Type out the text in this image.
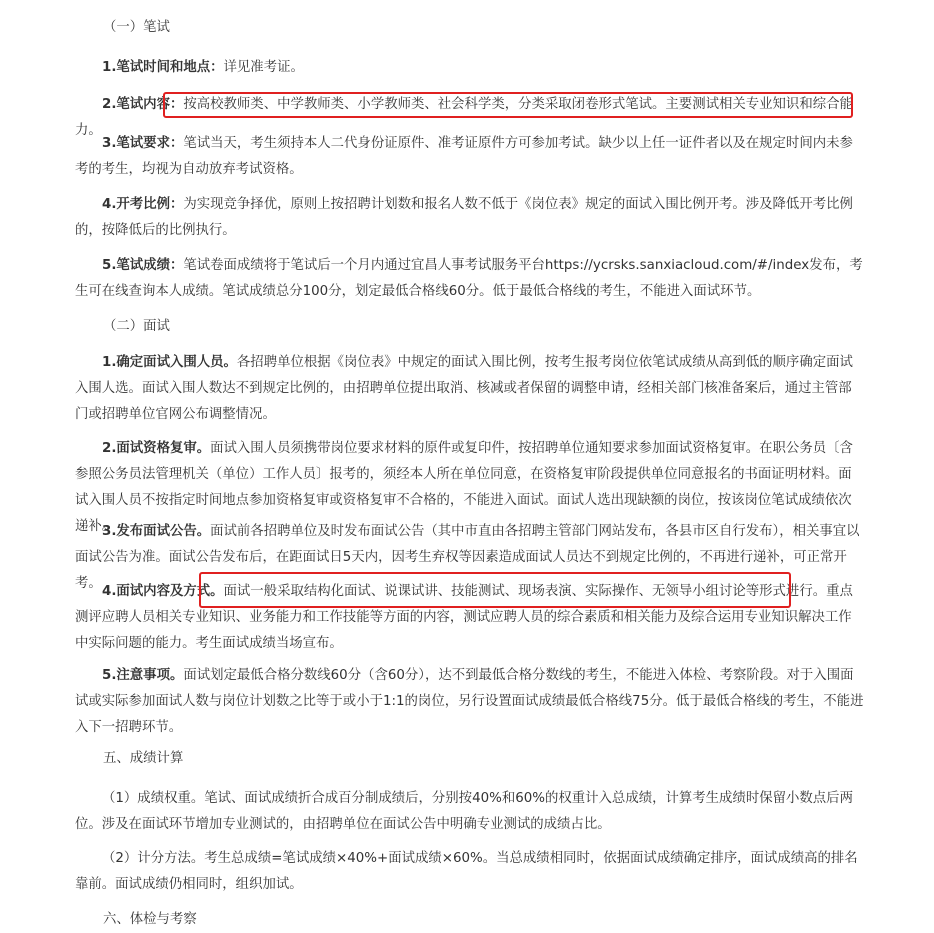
（一）笔试
1.笔试时间和地点：详见准考证。
2.笔试内容：按高校教师类、中学教师类、小学教师类、社会科学类，分类采取闭卷形式笔试。主要测试相关专业知识和综合能力。
3.笔试要求：笔试当天，考生须持本人二代身份证原件、准考证原件方可参加考试。缺少以上任一证件者以及在规定时间内未参考的考生，均视为自动放弃考试资格。
4.开考比例：为实现竞争择优，原则上按招聘计划数和报名人数不低于《岗位表》规定的面试入围比例开考。涉及降低开考比例的，按降低后的比例执行。
5.笔试成绩：笔试卷面成绩将于笔试后一个月内通过宜昌人事考试服务平台https://ycrsks.sanxiacloud.com/#/index发布，考生可在线查询本人成绩。笔试成绩总分100分，划定最低合格线60分。低于最低合格线的考生，不能进入面试环节。
（二）面试
1.确定面试入围人员。各招聘单位根据《岗位表》中规定的面试入围比例，按考生报考岗位依笔试成绩从高到低的顺序确定面试入围人选。面试入围人数达不到规定比例的，由招聘单位提出取消、核减或者保留的调整申请，经相关部门核准备案后，通过主管部门或招聘单位官网公布调整情况。
2.面试资格复审。面试入围人员须携带岗位要求材料的原件或复印件，按招聘单位通知要求参加面试资格复审。在职公务员〔含参照公务员法管理机关（单位）工作人员〕报考的，须经本人所在单位同意，在资格复审阶段提供单位同意报名的书面证明材料。面试入围人员不按指定时间地点参加资格复审或资格复审不合格的，不能进入面试。面试人选出现缺额的岗位，按该岗位笔试成绩依次递补。
3.发布面试公告。面试前各招聘单位及时发布面试公告（其中市直由各招聘主管部门网站发布，各县市区自行发布），相关事宜以面试公告为准。面试公告发布后，在距面试日5天内，因考生弃权等因素造成面试人员达不到规定比例的，不再进行递补，可正常开考。
4.面试内容及方式。面试一般采取结构化面试、说课试讲、技能测试、现场表演、实际操作、无领导小组讨论等形式进行。重点测评应聘人员相关专业知识、业务能力和工作技能等方面的内容，测试应聘人员的综合素质和相关能力及综合运用专业知识解决工作中实际问题的能力。考生面试成绩当场宣布。
5.注意事项。面试划定最低合格分数线60分（含60分），达不到最低合格分数线的考生，不能进入体检、考察阶段。对于入围面试或实际参加面试人数与岗位计划数之比等于或小于1:1的岗位，另行设置面试成绩最低合格线75分。低于最低合格线的考生，不能进入下一招聘环节。
五、成绩计算
（1）成绩权重。笔试、面试成绩折合成百分制成绩后，分别按40%和60%的权重计入总成绩，计算考生成绩时保留小数点后两位。涉及在面试环节增加专业测试的，由招聘单位在面试公告中明确专业测试的成绩占比。
（2）计分方法。考生总成绩=笔试成绩×40%+面试成绩×60%。当总成绩相同时，依据面试成绩确定排序，面试成绩高的排名靠前。面试成绩仍相同时，组织加试。
六、体检与考察
